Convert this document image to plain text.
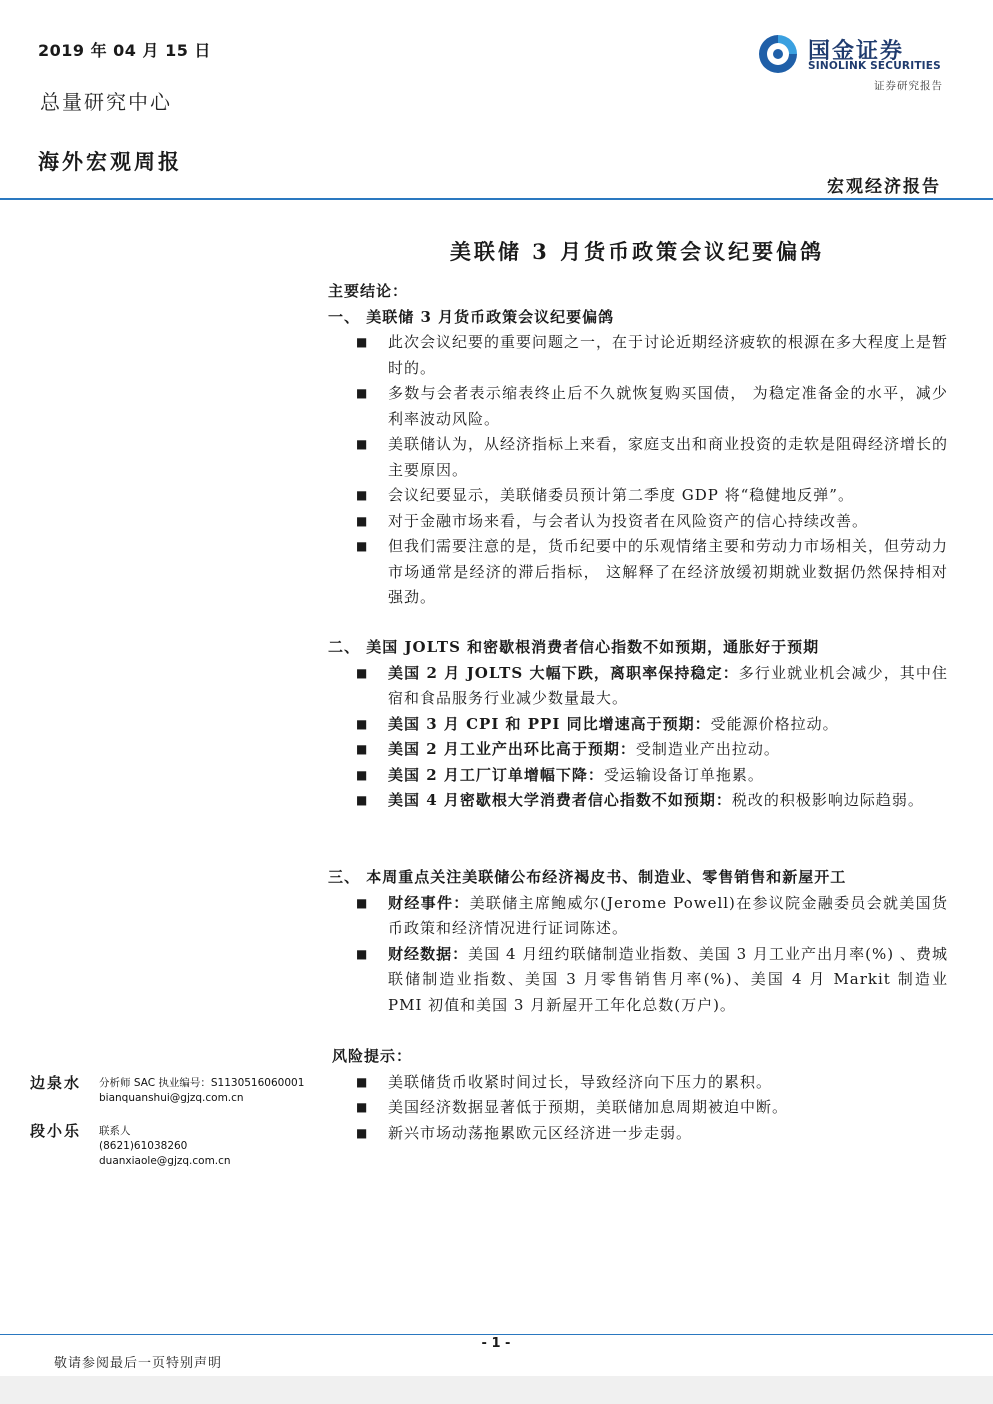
2019 年 04 月 15 日
总量研究中心
海外宏观周报
国金证券
SINOLINK SECURITIES
证券研究报告
宏观经济报告
美联储 3 月货币政策会议纪要偏鸽
主要结论：
一、 美联储 3 月货币政策会议纪要偏鸽
■ 此次会议纪要的重要问题之一，在于讨论近期经济疲软的根源在多大程度上是暂时的。
■ 多数与会者表示缩表终止后不久就恢复购买国债， 为稳定准备金的水平，减少利率波动风险。
■ 美联储认为，从经济指标上来看，家庭支出和商业投资的走软是阻碍经济增长的主要原因。
■ 会议纪要显示，美联储委员预计第二季度 GDP 将“稳健地反弹”。
■ 对于金融市场来看，与会者认为投资者在风险资产的信心持续改善。
■ 但我们需要注意的是，货币纪要中的乐观情绪主要和劳动力市场相关，但劳动力市场通常是经济的滞后指标， 这解释了在经济放缓初期就业数据仍然保持相对强劲。
二、 美国 JOLTS 和密歇根消费者信心指数不如预期，通胀好于预期
■ 美国 2 月 JOLTS 大幅下跌，离职率保持稳定：多行业就业机会减少，其中住宿和食品服务行业减少数量最大。
■ 美国 3 月 CPI 和 PPI 同比增速高于预期：受能源价格拉动。
■ 美国 2 月工业产出环比高于预期：受制造业产出拉动。
■ 美国 2 月工厂订单增幅下降：受运输设备订单拖累。
■ 美国 4 月密歇根大学消费者信心指数不如预期：税改的积极影响边际趋弱。
三、 本周重点关注美联储公布经济褐皮书、制造业、零售销售和新屋开工
■ 财经事件：美联储主席鲍威尔(Jerome Powell)在参议院金融委员会就美国货币政策和经济情况进行证词陈述。
■ 财经数据：美国 4 月纽约联储制造业指数、美国 3 月工业产出月率(%) 、费城联储制造业指数、美国 3 月零售销售月率(%)、美国 4 月 Markit 制造业 PMI 初值和美国 3 月新屋开工年化总数(万户)。
风险提示：
■ 美联储货币收紧时间过长，导致经济向下压力的累积。
■ 美国经济数据显著低于预期，美联储加息周期被迫中断。
■ 新兴市场动荡拖累欧元区经济进一步走弱。
边泉水 分析师 SAC 执业编号：S1130516060001
bianquanshui@gjzq.com.cn
段小乐 联系人
(8621)61038260
duanxiaole@gjzq.com.cn
- 1 -
敬请参阅最后一页特别声明
